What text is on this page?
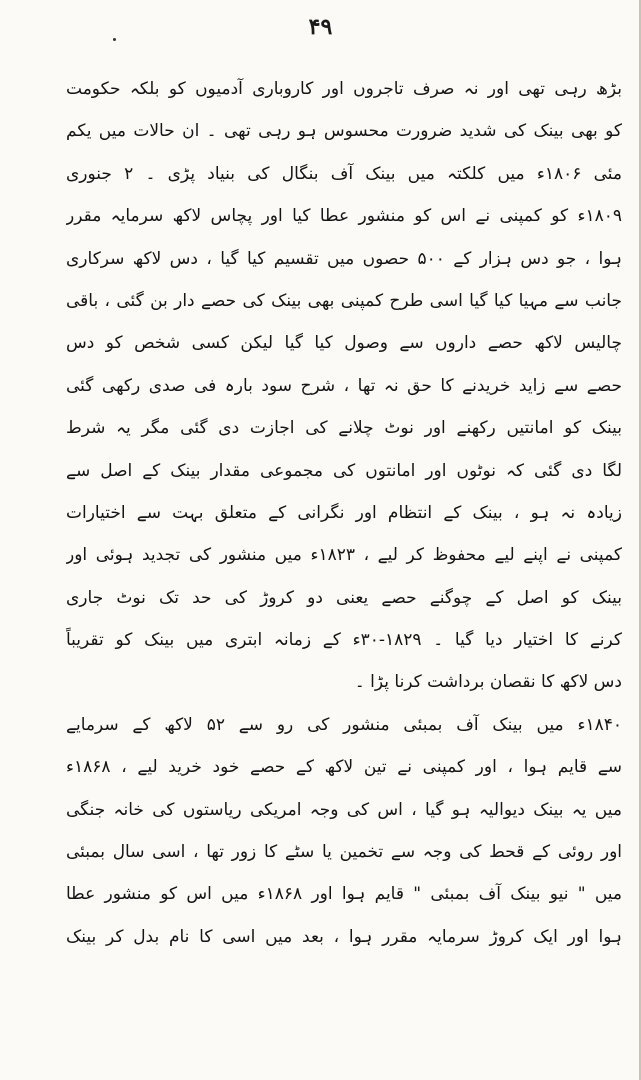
۴۹
بڑھ رہی تھی اور نہ صرف تاجروں اور کاروباری آدمیوں کو بلکہ حکومت
کو بھی بینک کی شدید ضرورت محسوس ہو رہی تھی ۔ ان حالات میں یکم
مئی ۱۸۰۶ء میں کلکتہ میں بینک آف بنگال کی بنیاد پڑی ۔ ۲ جنوری
۱۸۰۹ء کو کمپنی نے اس کو منشور عطا کیا اور پچاس لاکھ سرمایہ مقرر
ہوا ، جو دس ہزار کے ۵۰۰ حصوں میں تقسیم کیا گیا ، دس لاکھ سرکاری
جانب سے مہیا کیا گیا اسی طرح کمپنی بھی بینک کی حصے دار بن گئی ، باقی
چالیس لاکھ حصے داروں سے وصول کیا گیا لیکن کسی شخص کو دس
حصے سے زاید خریدنے کا حق نہ تھا ، شرح سود بارہ فی صدی رکھی گئی
بینک کو امانتیں رکھنے اور نوٹ چلانے کی اجازت دی گئی مگر یہ شرط
لگا دی گئی کہ نوٹوں اور امانتوں کی مجموعی مقدار بینک کے اصل سے
زیادہ نہ ہو ، بینک کے انتظام اور نگرانی کے متعلق بہت سے اختیارات
کمپنی نے اپنے لیے محفوظ کر لیے ، ۱۸۲۳ء میں منشور کی تجدید ہوئی اور
بینک کو اصل کے چوگنے حصے یعنی دو کروڑ کی حد تک نوٹ جاری
کرنے کا اختیار دیا گیا ۔ ۱۸۲۹-۳۰ء کے زمانہ ابتری میں بینک کو تقریباً
دس لاکھ کا نقصان برداشت کرنا پڑا ۔
۱۸۴۰ء میں بینک آف بمبئی منشور کی رو سے ۵۲ لاکھ کے سرمایے
سے قایم ہوا ، اور کمپنی نے تین لاکھ کے حصے خود خرید لیے ، ۱۸۶۸ء
میں یہ بینک دیوالیہ ہو گیا ، اس کی وجہ امریکی ریاستوں کی خانہ جنگی
اور روئی کے قحط کی وجہ سے تخمین یا سٹے کا زور تھا ، اسی سال بمبئی
میں " نیو بینک آف بمبئی " قایم ہوا اور ۱۸۶۸ء میں اس کو منشور عطا
ہوا اور ایک کروڑ سرمایہ مقرر ہوا ، بعد میں اسی کا نام بدل کر بینک
